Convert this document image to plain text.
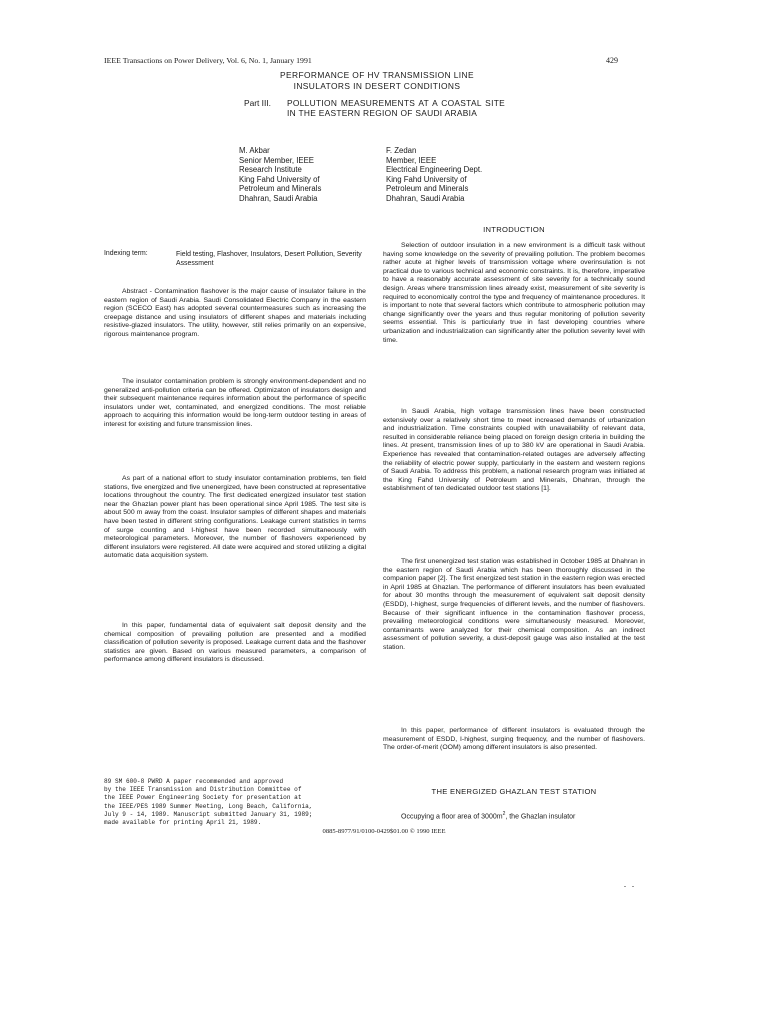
IEEE Transactions on Power Delivery, Vol. 6, No. 1, January 1991	429
PERFORMANCE OF HV TRANSMISSION LINE
INSULATORS IN DESERT CONDITIONS
Part III. POLLUTION MEASUREMENTS AT A COASTAL SITE IN THE EASTERN REGION OF SAUDI ARABIA
M. Akbar
Senior Member, IEEE
Research Institute
King Fahd University of
Petroleum and Minerals
Dhahran, Saudi Arabia
F. Zedan
Member, IEEE
Electrical Engineering Dept.
King Fahd University of
Petroleum and Minerals
Dhahran, Saudi Arabia
Indexing term:	Field testing, Flashover, Insulators, Desert Pollution, Severity Assessment

Abstract - Contamination flashover is the major cause of insulator failure in the eastern region of Saudi Arabia. Saudi Consolidated Electric Company in the eastern region (SCECO East) has adopted several countermeasures such as increasing the creepage distance and using insulators of different shapes and materials including resistive-glazed insulators. The utility, however, still relies primarily on an expensive, rigorous maintenance program.

The insulator contamination problem is strongly environment-dependent and no generalized anti-pollution criteria can be offered. Optimizaton of insulators design and their subsequent maintenance requires information about the performance of specific insulators under wet, contaminated, and energized conditions. The most reliable approach to acquiring this information would be long-term outdoor testing in areas of interest for existing and future transmission lines.

As part of a national effort to study insulator contamination problems, ten field stations, five energized and five unenergized, have been constructed at representative locations throughout the country. The first dedicated energized insulator test station near the Ghazlan power plant has been operational since April 1985. The test site is about 500 m away from the coast. Insulator samples of different shapes and materials have been tested in different string configurations. Leakage current statistics in terms of surge counting and I-highest have been recorded simultaneously with meteorological parameters. Moreover, the number of flashovers experienced by different insulators were registered. All date were acquired and stored utilizing a digital automatic data acquisition system.

In this paper, fundamental data of equivalent salt deposit density and the chemical composition of prevailing pollution are presented and a modified classification of pollution severity is proposed. Leakage current data and the flashover statistics are given. Based on various measured parameters, a comparison of performance among different insulators is discussed.

89 SM 600-8 PWRD A paper recommended and approved
by the IEEE Transmission and Distribution Committee of
the IEEE Power Engineering Society for presentation at
the IEEE/PES 1989 Summer Meeting, Long Beach, California,
July 9 - 14, 1989. Manuscript submitted January 31, 1989;
made available for printing April 21, 1989.
INTRODUCTION

Selection of outdoor insulation in a new environment is a difficult task without having some knowledge on the severity of prevailing pollution. The problem becomes rather acute at higher levels of transmission voltage where overinsulation is not practical due to various technical and economic constraints. It is, therefore, imperative to have a reasonably accurate assessment of site severity for a technically sound design. Areas where transmission lines already exist, measurement of site severity is required to economically control the type and frequency of maintenance procedures. It is important to note that several factors which contribute to atmospheric pollution may change significantly over the years and thus regular monitoring of pollution severity seems essential. This is particularly true in fast developing countries where urbanization and industrialization can significantly alter the pollution severity level with time.

In Saudi Arabia, high voltage transmission lines have been constructed extensively over a relatively short time to meet increased demands of urbanization and industrialization. Time constraints coupled with unavailability of relevant data, resulted in considerable reliance being placed on foreign design criteria in building the lines. At present, transmission lines of up to 380 kV are operational in Saudi Arabia. Experience has revealed that contamination-related outages are adversely affecting the reliability of electric power supply, particularly in the eastern and western regions of Saudi Arabia. To address this problem, a national research program was initiated at the King Fahd University of Petroleum and Minerals, Dhahran, through the establishment of ten dedicated outdoor test stations [1].

The first unenergized test station was established in October 1985 at Dhahran in the eastern region of Saudi Arabia which has been thoroughly discussed in the companion paper [2]. The first energized test station in the eastern region was erected in April 1985 at Ghazlan. The performance of different insulators has been evaluated for about 30 months through the measurement of equivalent salt deposit density (ESDD), I-highest, surge frequencies of different levels, and the number of flashovers. Because of their significant influence in the contamination flashover process, prevailing meteorological conditions were simultaneously measured. Moreover, contaminants were analyzed for their chemical composition. As an indirect assessment of pollution severity, a dust-deposit gauge was also installed at the test station.

In this paper, performance of different insulators is evaluated through the measurement of ESDD, I-highest, surging frequency, and the number of flashovers. The order-of-merit (OOM) among different insulators is also presented.

THE ENERGIZED GHAZLAN TEST STATION

Occupying a floor area of $3000m^2$, the Ghazlan insulator

0885-8977/91/0100-0429$01.00 © 1990 IEEE
